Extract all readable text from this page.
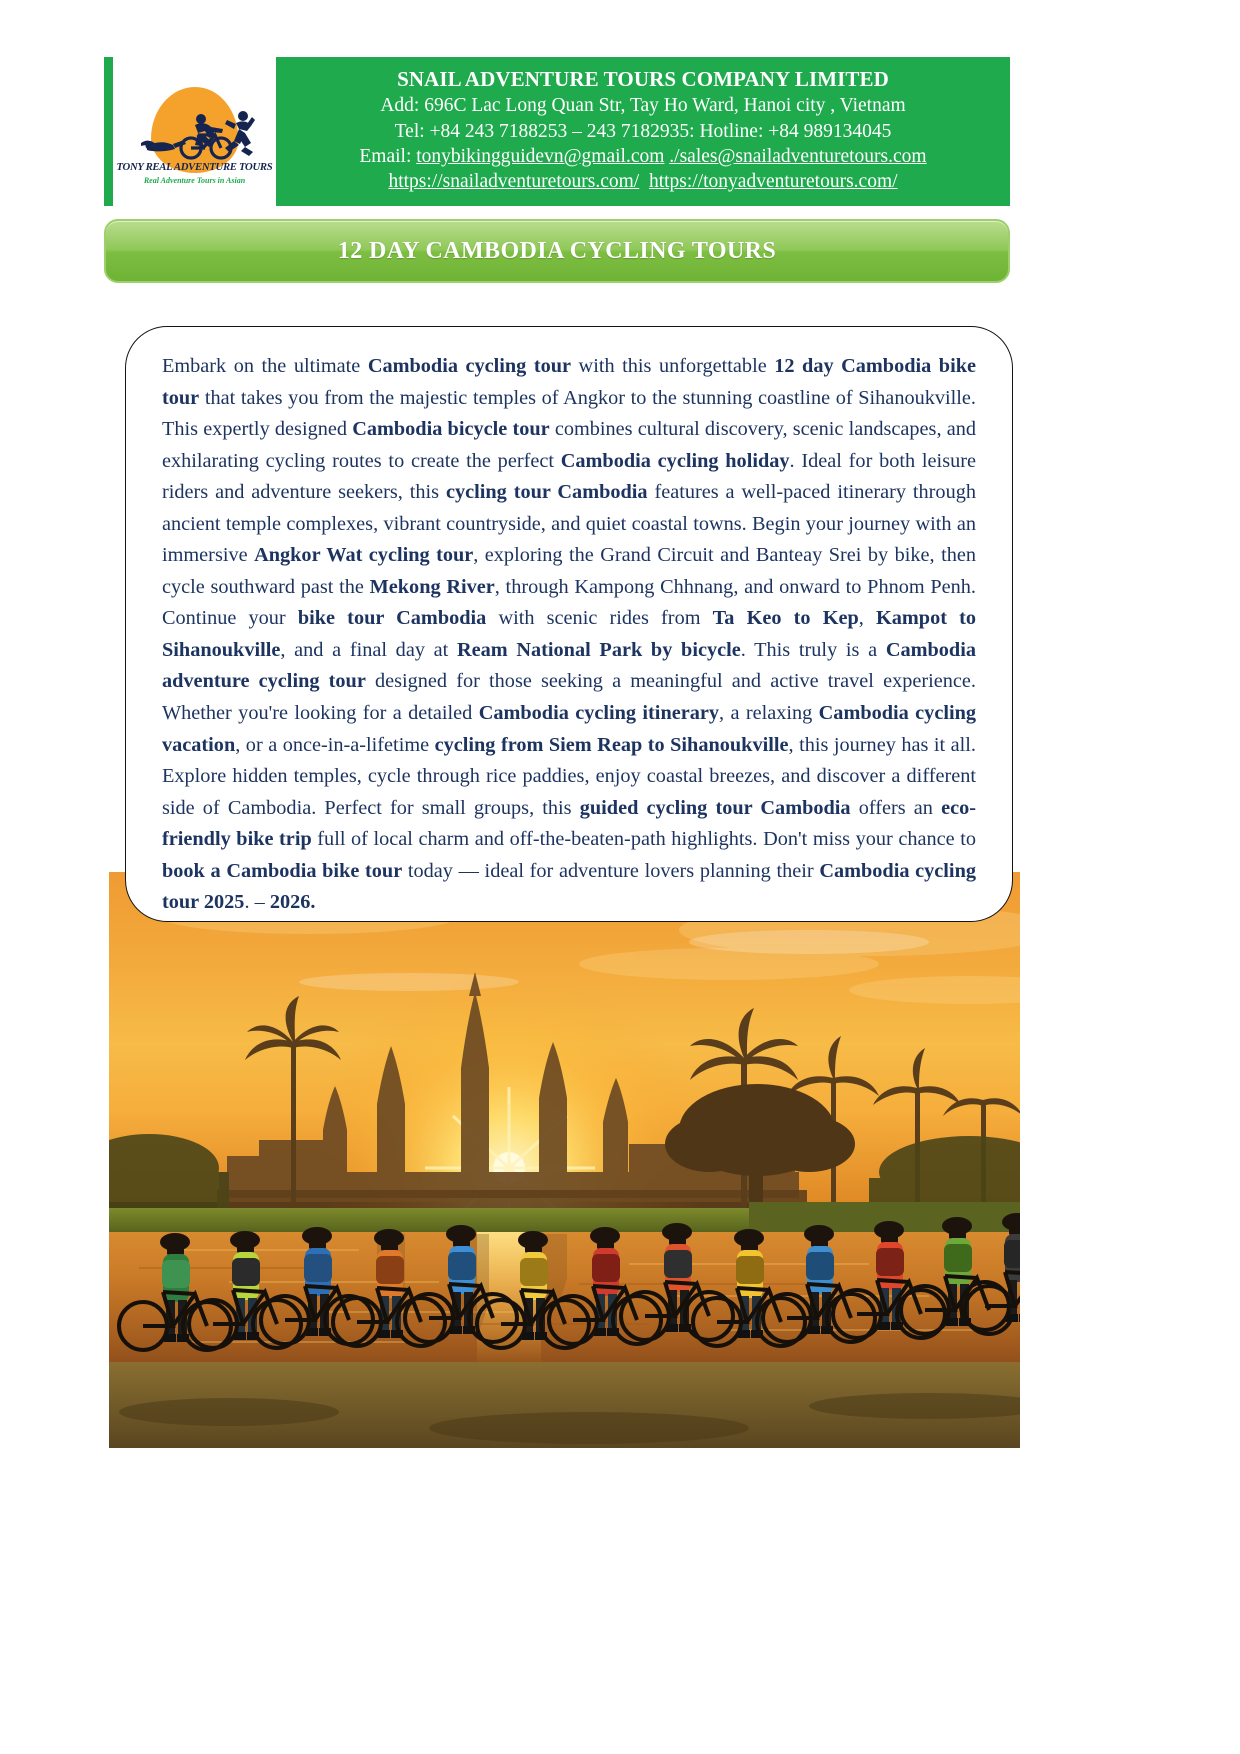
TONY REAL ADVENTURE TOURS
Real Adventure Tours in Asian
SNAIL ADVENTURE TOURS COMPANY LIMITED
Add: 696C Lac Long Quan Str, Tay Ho Ward, Hanoi city , Vietnam
Tel: +84 243 7188253 – 243 7182935: Hotline: +84 989134045
Email: tonybikingguidevn@gmail.com ./sales@snailadventuretours.com
https://snailadventuretours.com/ https://tonyadventuretours.com/
12 DAY CAMBODIA CYCLING TOURS
Embark on the ultimate Cambodia cycling tour with this unforgettable 12 day Cambodia bike tour that takes you from the majestic temples of Angkor to the stunning coastline of Sihanoukville. This expertly designed Cambodia bicycle tour combines cultural discovery, scenic landscapes, and exhilarating cycling routes to create the perfect Cambodia cycling holiday. Ideal for both leisure riders and adventure seekers, this cycling tour Cambodia features a well-paced itinerary through ancient temple complexes, vibrant countryside, and quiet coastal towns. Begin your journey with an immersive Angkor Wat cycling tour, exploring the Grand Circuit and Banteay Srei by bike, then cycle southward past the Mekong River, through Kampong Chhnang, and onward to Phnom Penh. Continue your bike tour Cambodia with scenic rides from Ta Keo to Kep, Kampot to Sihanoukville, and a final day at Ream National Park by bicycle. This truly is a Cambodia adventure cycling tour designed for those seeking a meaningful and active travel experience. Whether you're looking for a detailed Cambodia cycling itinerary, a relaxing Cambodia cycling vacation, or a once-in-a-lifetime cycling from Siem Reap to Sihanoukville, this journey has it all. Explore hidden temples, cycle through rice paddies, enjoy coastal breezes, and discover a different side of Cambodia. Perfect for small groups, this guided cycling tour Cambodia offers an eco-friendly bike trip full of local charm and off-the-beaten-path highlights. Don't miss your chance to book a Cambodia bike tour today — ideal for adventure lovers planning their Cambodia cycling tour 2025. – 2026.
